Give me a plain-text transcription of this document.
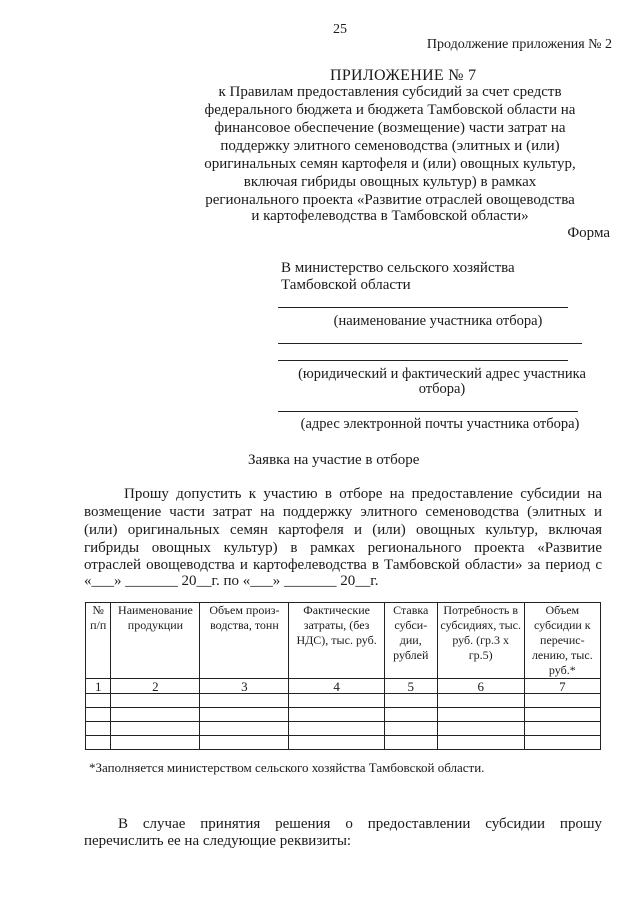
25
Продолжение приложения № 2
ПРИЛОЖЕНИЕ № 7
к Правилам предоставления субсидий за счет средств
федерального бюджета и бюджета Тамбовской области на
финансовое обеспечение (возмещение) части затрат на
поддержку элитного семеноводства (элитных и (или)
оригинальных семян картофеля и (или) овощных культур,
включая гибриды овощных культур) в рамках
регионального проекта «Развитие отраслей овощеводства
и картофелеводства в Тамбовской области»
Форма
В министерство сельского хозяйства
Тамбовской области
(наименование участника отбора)
(юридический и фактический адрес участника
отбора)
(адрес электронной почты участника отбора)
Заявка на участие в отборе
Прошу допустить к участию в отборе на предоставление субсидии на
возмещение части затрат на поддержку элитного семеноводства (элитных и
(или) оригинальных семян картофеля и (или) овощных культур, включая
гибриды овощных культур) в рамках регионального проекта «Развитие
отраслей овощеводства и картофелеводства в Тамбовской области» за период с
«___» _______ 20__г. по «___» _______ 20__г.
№ п/п	Наименование продукции	Объем произ-водства, тонн	Фактические затраты, (без НДС), тыс. руб.	Ставка субси-дии, рублей	Потребность в субсидиях, тыс. руб. (гр.3 х гр.5)	Объем субсидии к перечис-лению, тыс. руб.*
1	2	3	4	5	6	7

*Заполняется министерством сельского хозяйства Тамбовской области.
В случае принятия решения о предоставлении субсидии прошу
перечислить ее на следующие реквизиты:
